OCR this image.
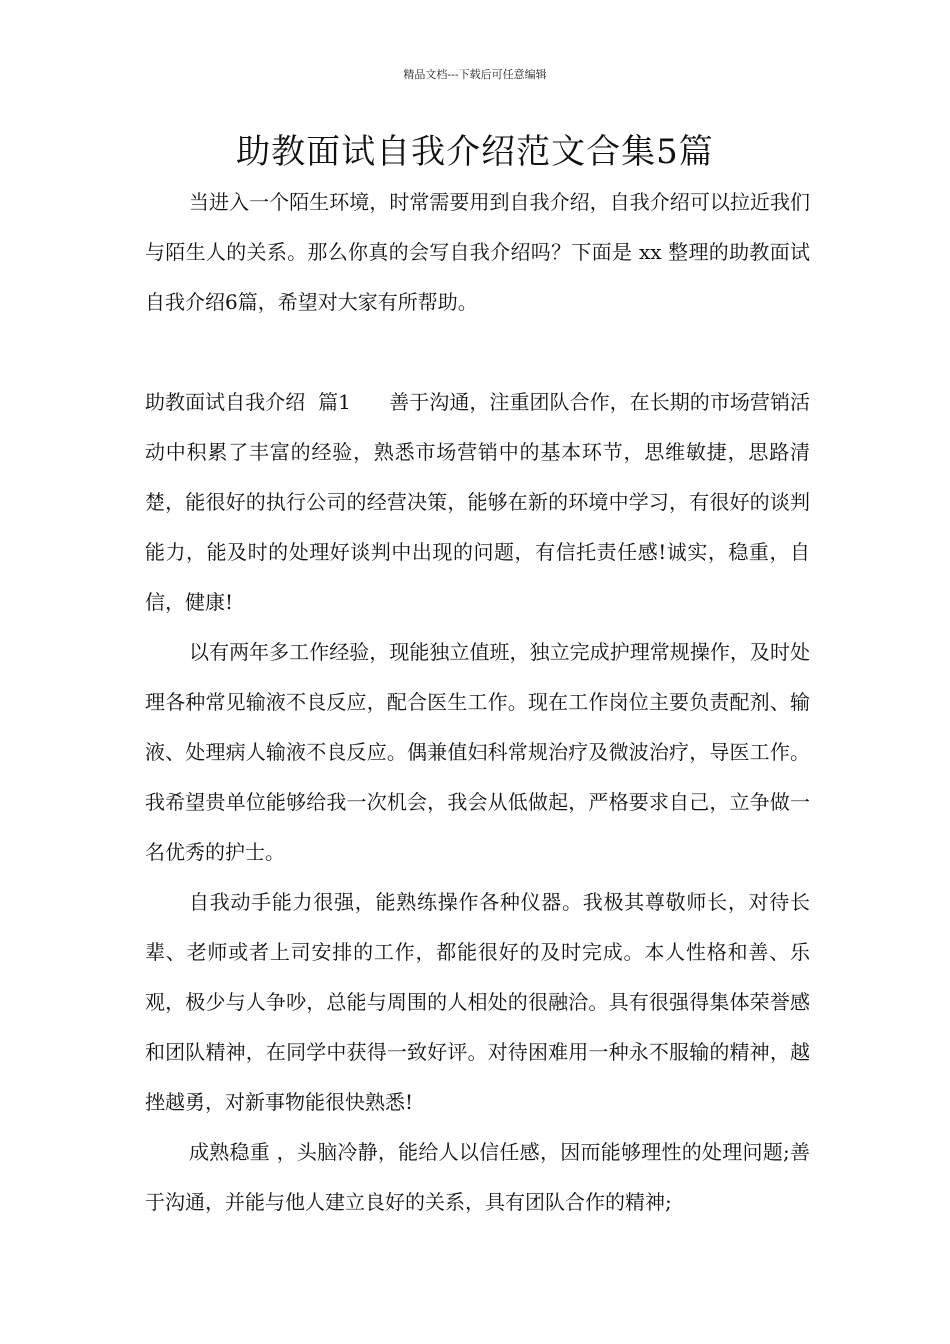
精品文档---下载后可任意编辑
助教面试自我介绍范文合集5篇

当进入一个陌生环境，时常需要用到自我介绍，自我介绍可以拉近我们与陌生人的关系。那么你真的会写自我介绍吗？下面是 xx 整理的助教面试自我介绍6篇，希望对大家有所帮助。

助教面试自我介绍  篇1 善于沟通，注重团队合作，在长期的市场营销活动中积累了丰富的经验，熟悉市场营销中的基本环节，思维敏捷，思路清楚，能很好的执行公司的经营决策，能够在新的环境中学习，有很好的谈判能力，能及时的处理好谈判中出现的问题，有信托责任感!诚实，稳重，自信，健康!

以有两年多工作经验，现能独立值班，独立完成护理常规操作，及时处理各种常见输液不良反应，配合医生工作。现在工作岗位主要负责配剂、输液、处理病人输液不良反应。偶兼值妇科常规治疗及微波治疗，导医工作。我希望贵单位能够给我一次机会，我会从低做起，严格要求自己，立争做一名优秀的护士。

自我动手能力很强，能熟练操作各种仪器。我极其尊敬师长，对待长辈、老师或者上司安排的工作，都能很好的及时完成。本人性格和善、乐观，极少与人争吵，总能与周围的人相处的很融洽。具有很强得集体荣誉感和团队精神，在同学中获得一致好评。对待困难用一种永不服输的精神，越挫越勇，对新事物能很快熟悉!

成熟稳重 ，头脑冷静，能给人以信任感，因而能够理性的处理问题;善于沟通，并能与他人建立良好的关系，具有团队合作的精神;
